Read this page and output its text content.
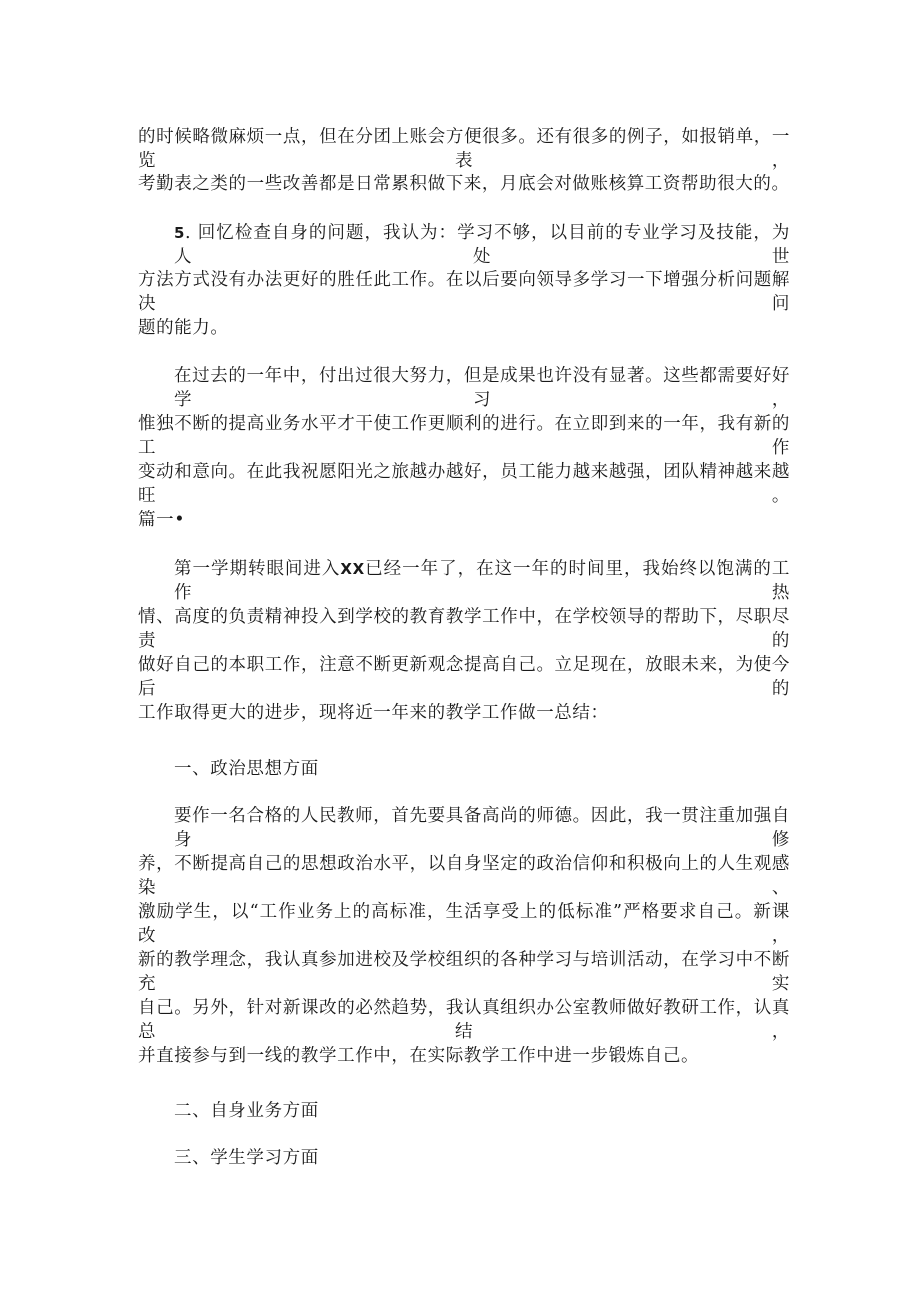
的时候略微麻烦一点，但在分团上账会方便很多。还有很多的例子，如报销单，一览表，
考勤表之类的一些改善都是日常累积做下来，月底会对做账核算工资帮助很大的。
5. 回忆检查自身的问题，我认为：学习不够，以目前的专业学习及技能，为人处世
方法方式没有办法更好的胜任此工作。在以后要向领导多学习一下增强分析问题解决问
题的能力。
在过去的一年中，付出过很大努力，但是成果也许没有显著。这些都需要好好学习，
惟独不断的提高业务水平才干使工作更顺利的进行。在立即到来的一年，我有新的工作
变动和意向。在此我祝愿阳光之旅越办越好，员工能力越来越强，团队精神越来越旺。
篇一•
第一学期转眼间进入XX已经一年了，在这一年的时间里，我始终以饱满的工作热
情、高度的负责精神投入到学校的教育教学工作中，在学校领导的帮助下，尽职尽责的
做好自己的本职工作，注意不断更新观念提高自己。立足现在，放眼未来，为使今后的
工作取得更大的进步，现将近一年来的教学工作做一总结：
一、政治思想方面
要作一名合格的人民教师，首先要具备高尚的师德。因此，我一贯注重加强自身修
养，不断提高自己的思想政治水平，以自身坚定的政治信仰和积极向上的人生观感染、
激励学生，以“工作业务上的高标准，生活享受上的低标准”严格要求自己。新课改，
新的教学理念，我认真参加进校及学校组织的各种学习与培训活动，在学习中不断充实
自己。另外，针对新课改的必然趋势，我认真组织办公室教师做好教研工作，认真总结，
并直接参与到一线的教学工作中，在实际教学工作中进一步锻炼自己。
二、自身业务方面
三、学生学习方面
